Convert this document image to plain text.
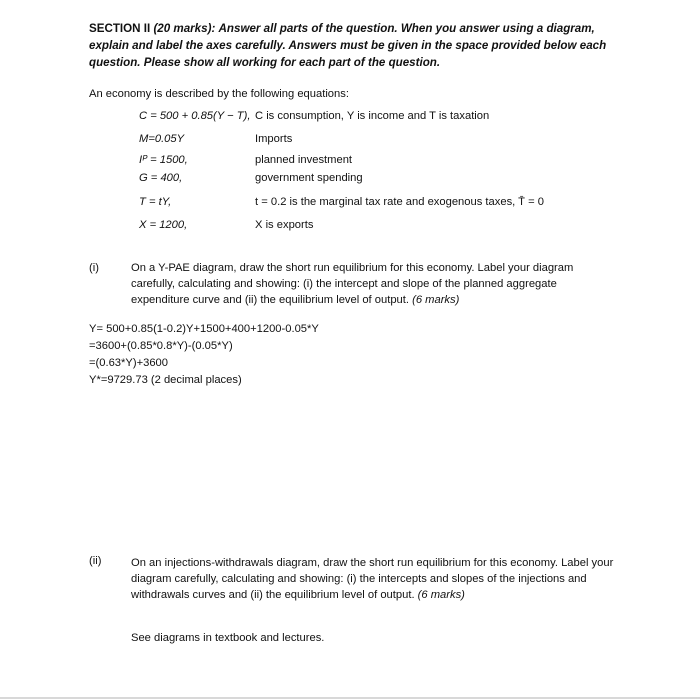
SECTION II (20 marks): Answer all parts of the question. When you answer using a diagram, explain and label the axes carefully. Answers must be given in the space provided below each question. Please show all working for each part of the question.
An economy is described by the following equations:
C = 500 + 0.85(Y − T), C is consumption, Y is income and T is taxation
M=0.05Y	Imports
Iᴾ = 1500,	planned investment
G = 400,	government spending
T = tY,	t = 0.2 is the marginal tax rate and exogenous taxes, T̄ = 0
X = 1200,	X is exports
(i)	On a Y-PAE diagram, draw the short run equilibrium for this economy. Label your diagram carefully, calculating and showing: (i) the intercept and slope of the planned aggregate expenditure curve and (ii) the equilibrium level of output. (6 marks)
Y= 500+0.85(1-0.2)Y+1500+400+1200-0.05*Y
=3600+(0.85*0.8*Y)-(0.05*Y)
=(0.63*Y)+3600
Y*=9729.73 (2 decimal places)
(ii)	On an injections-withdrawals diagram, draw the short run equilibrium for this economy. Label your diagram carefully, calculating and showing: (i) the intercepts and slopes of the injections and withdrawals curves and (ii) the equilibrium level of output. (6 marks)
See diagrams in textbook and lectures.
